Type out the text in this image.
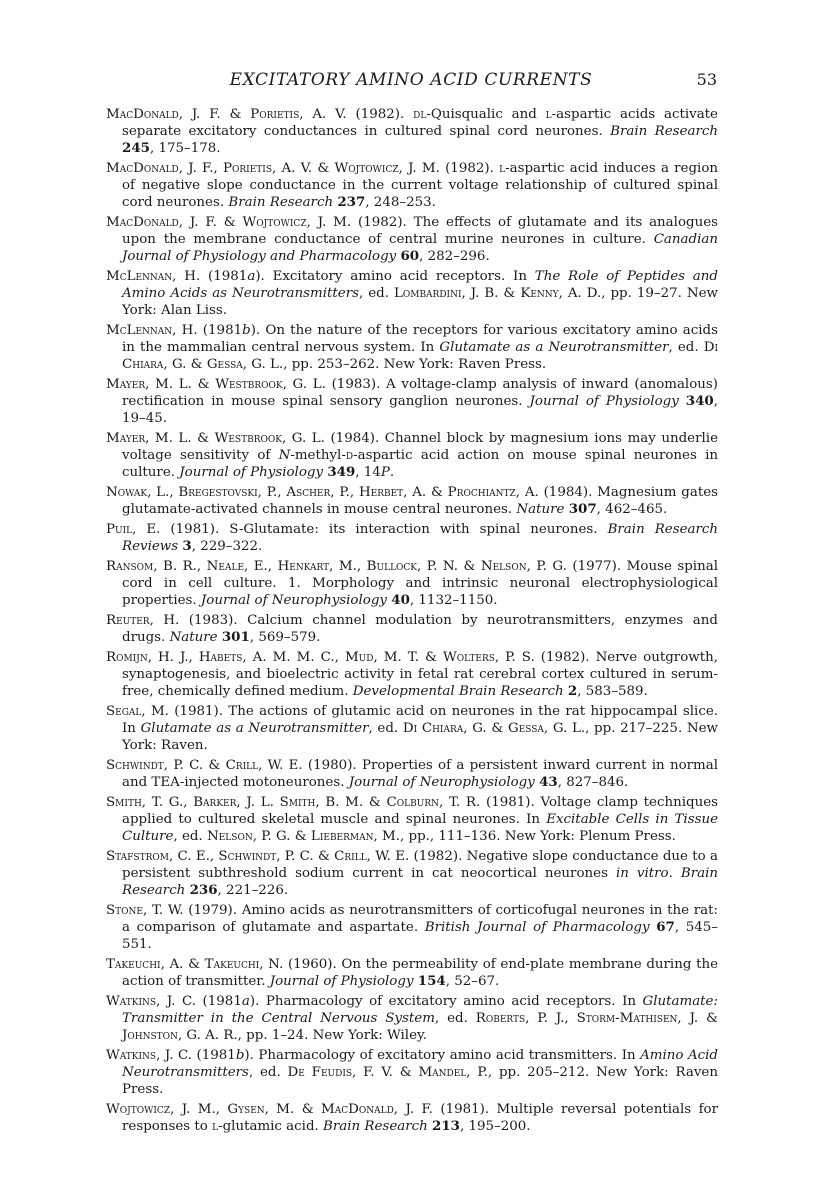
EXCITATORY AMINO ACID CURRENTS	53

MacDonald, J. F. & Porietis, A. V. (1982). dl-Quisqualic and l-aspartic acids activate separate excitatory conductances in cultured spinal cord neurones. Brain Research 245, 175–178.

MacDonald, J. F., Porietis, A. V. & Wojtowicz, J. M. (1982). l-aspartic acid induces a region of negative slope conductance in the current voltage relationship of cultured spinal cord neurones. Brain Research 237, 248–253.

MacDonald, J. F. & Wojtowicz, J. M. (1982). The effects of glutamate and its analogues upon the membrane conductance of central murine neurones in culture. Canadian Journal of Physiology and Pharmacology 60, 282–296.

McLennan, H. (1981a). Excitatory amino acid receptors. In The Role of Peptides and Amino Acids as Neurotransmitters, ed. Lombardini, J. B. & Kenny, A. D., pp. 19–27. New York: Alan Liss.

McLennan, H. (1981b). On the nature of the receptors for various excitatory amino acids in the mammalian central nervous system. In Glutamate as a Neurotransmitter, ed. Di Chiara, G. & Gessa, G. L., pp. 253–262. New York: Raven Press.

Mayer, M. L. & Westbrook, G. L. (1983). A voltage-clamp analysis of inward (anomalous) rectification in mouse spinal sensory ganglion neurones. Journal of Physiology 340, 19–45.

Mayer, M. L. & Westbrook, G. L. (1984). Channel block by magnesium ions may underlie voltage sensitivity of N-methyl-d-aspartic acid action on mouse spinal neurones in culture. Journal of Physiology 349, 14P.

Nowak, L., Bregestovski, P., Ascher, P., Herbet, A. & Prochiantz, A. (1984). Magnesium gates glutamate-activated channels in mouse central neurones. Nature 307, 462–465.

Puil, E. (1981). S-Glutamate: its interaction with spinal neurones. Brain Research Reviews 3, 229–322.

Ransom, B. R., Neale, E., Henkart, M., Bullock, P. N. & Nelson, P. G. (1977). Mouse spinal cord in cell culture. 1. Morphology and intrinsic neuronal electrophysiological properties. Journal of Neurophysiology 40, 1132–1150.

Reuter, H. (1983). Calcium channel modulation by neurotransmitters, enzymes and drugs. Nature 301, 569–579.

Romijn, H. J., Habets, A. M. M. C., Mud, M. T. & Wolters, P. S. (1982). Nerve outgrowth, synaptogenesis, and bioelectric activity in fetal rat cerebral cortex cultured in serum-free, chemically defined medium. Developmental Brain Research 2, 583–589.

Segal, M. (1981). The actions of glutamic acid on neurones in the rat hippocampal slice. In Glutamate as a Neurotransmitter, ed. Di Chiara, G. & Gessa, G. L., pp. 217–225. New York: Raven.

Schwindt, P. C. & Crill, W. E. (1980). Properties of a persistent inward current in normal and TEA-injected motoneurones. Journal of Neurophysiology 43, 827–846.

Smith, T. G., Barker, J. L. Smith, B. M. & Colburn, T. R. (1981). Voltage clamp techniques applied to cultured skeletal muscle and spinal neurones. In Excitable Cells in Tissue Culture, ed. Nelson, P. G. & Lieberman, M., pp., 111–136. New York: Plenum Press.

Stafstrom, C. E., Schwindt, P. C. & Crill, W. E. (1982). Negative slope conductance due to a persistent subthreshold sodium current in cat neocortical neurones in vitro. Brain Research 236, 221–226.

Stone, T. W. (1979). Amino acids as neurotransmitters of corticofugal neurones in the rat: a comparison of glutamate and aspartate. British Journal of Pharmacology 67, 545–551.

Takeuchi, A. & Takeuchi, N. (1960). On the permeability of end-plate membrane during the action of transmitter. Journal of Physiology 154, 52–67.

Watkins, J. C. (1981a). Pharmacology of excitatory amino acid receptors. In Glutamate: Transmitter in the Central Nervous System, ed. Roberts, P. J., Storm-Mathisen, J. & Johnston, G. A. R., pp. 1–24. New York: Wiley.

Watkins, J. C. (1981b). Pharmacology of excitatory amino acid transmitters. In Amino Acid Neurotransmitters, ed. De Feudis, F. V. & Mandel, P., pp. 205–212. New York: Raven Press.

Wojtowicz, J. M., Gysen, M. & MacDonald, J. F. (1981). Multiple reversal potentials for responses to l-glutamic acid. Brain Research 213, 195–200.
